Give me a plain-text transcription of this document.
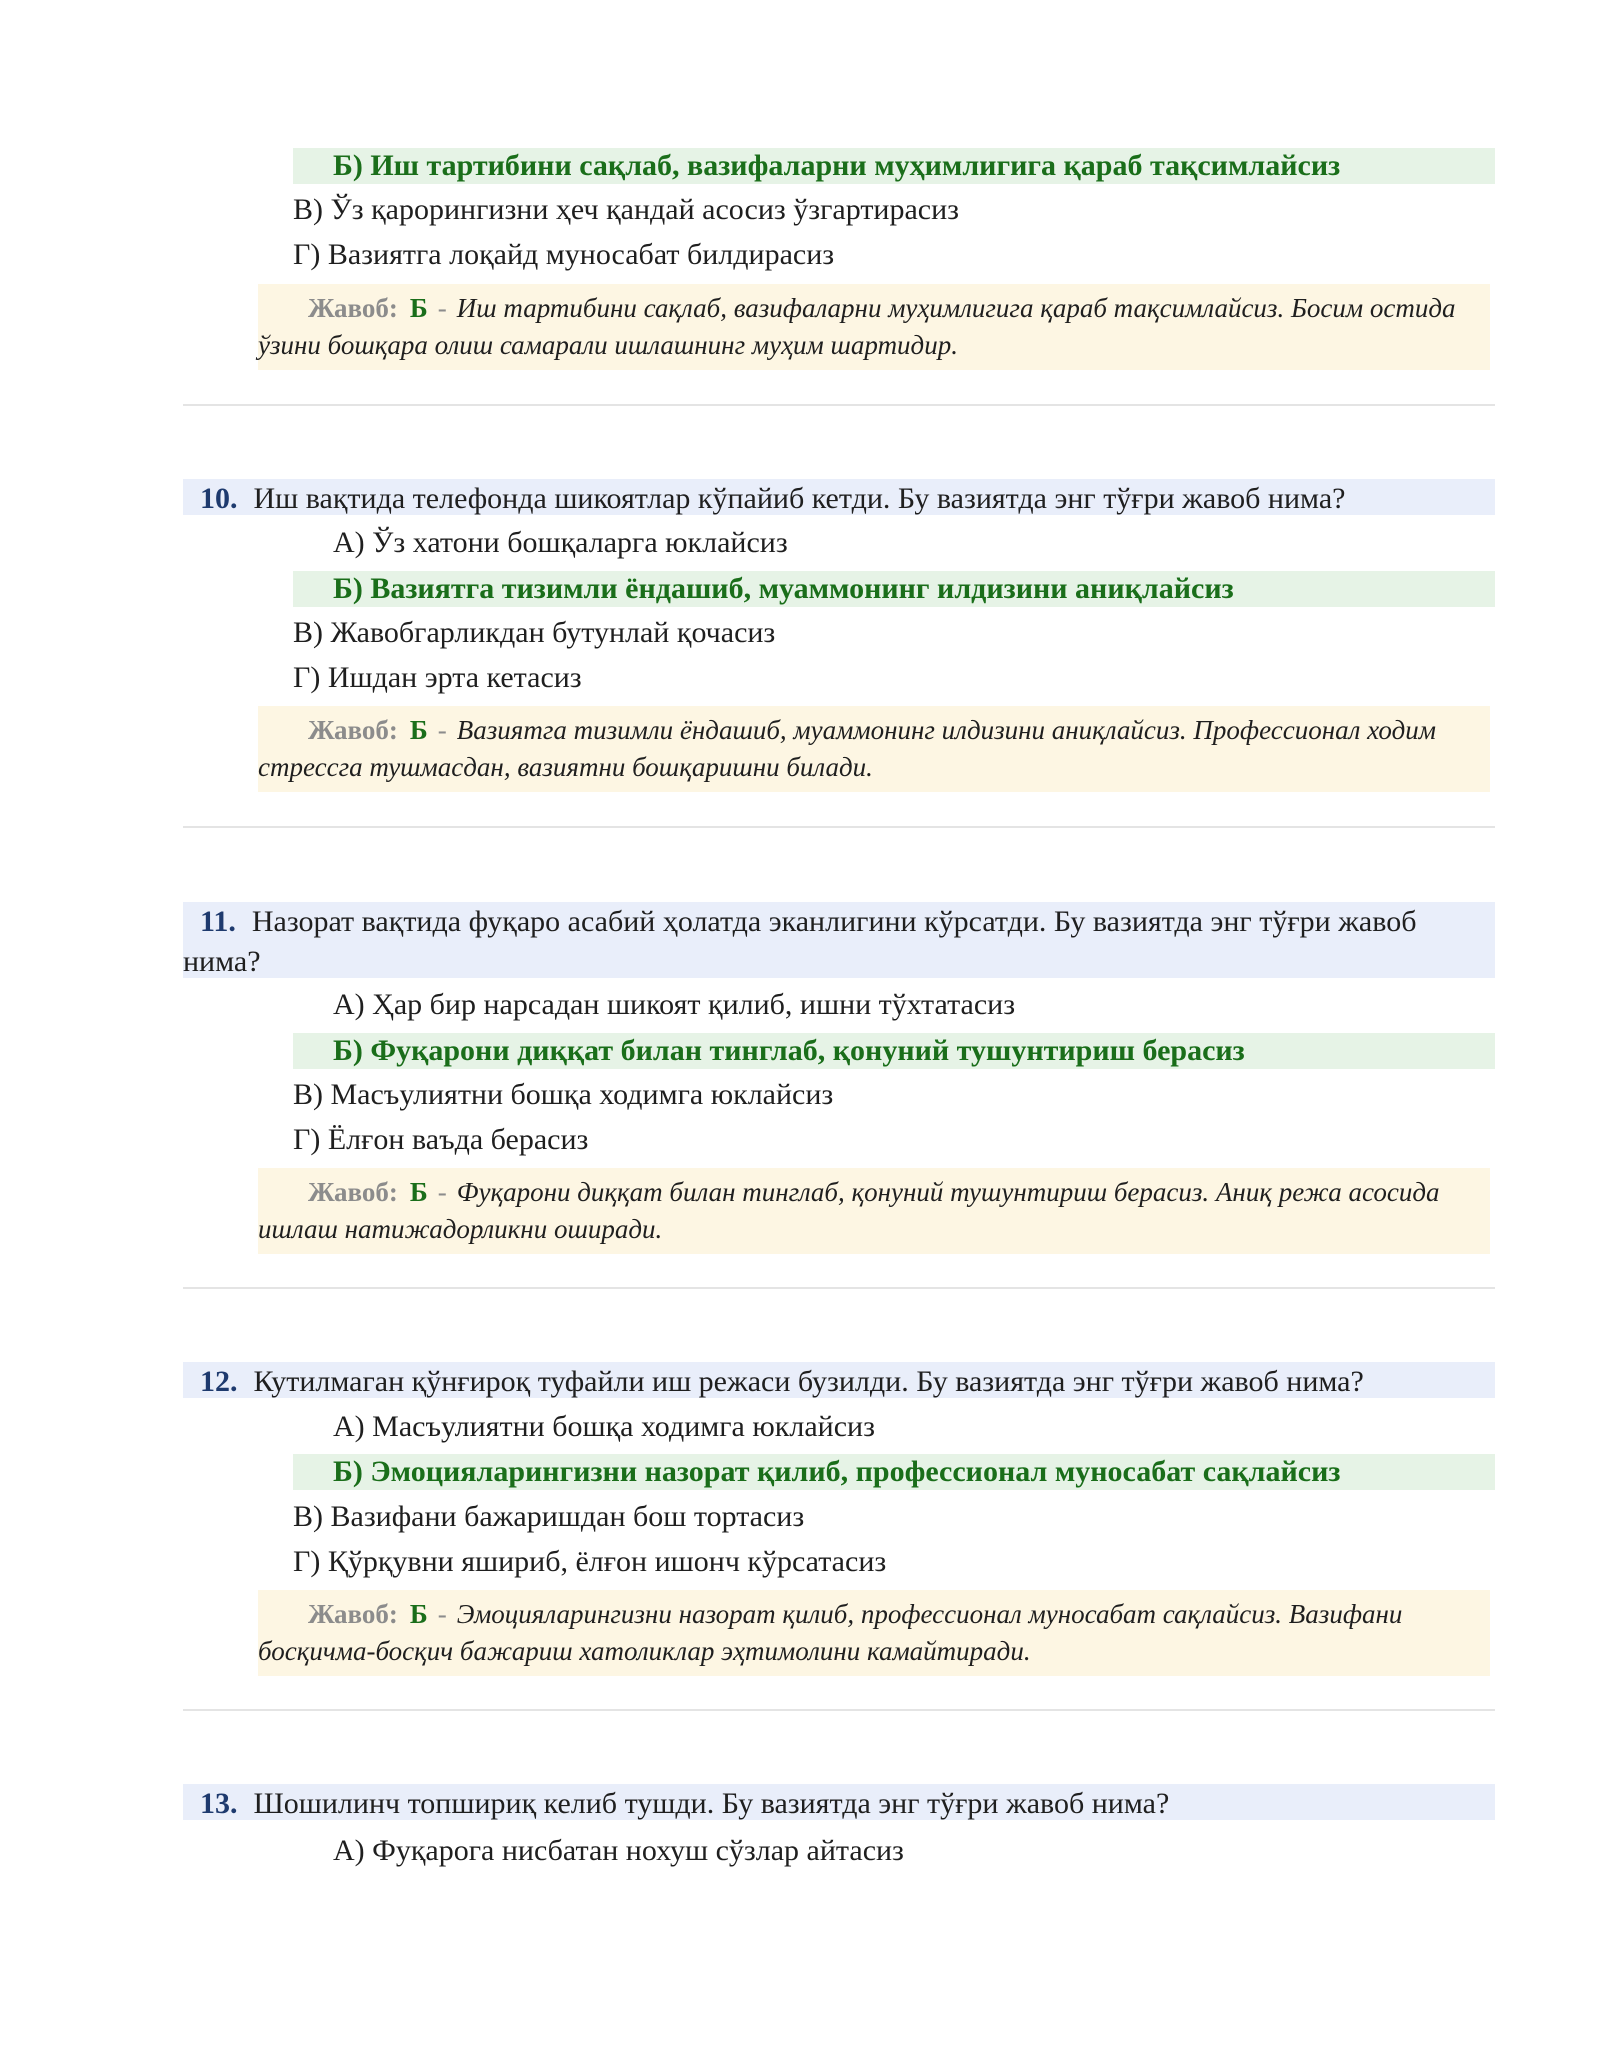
Б) Иш тартибини сақлаб, вазифаларни муҳимлигига қараб тақсимлайсиз
В) Ўз қарорингизни ҳеч қандай асосиз ўзгартирасиз
Г) Вазиятга лоқайд муносабат билдирасиз
Жавоб: Б - Иш тартибини сақлаб, вазифаларни муҳимлигига қараб тақсимлайсиз. Босим остида ўзини бошқара олиш самарали ишлашнинг муҳим шартидир.
10. Иш вақтида телефонда шикоятлар кўпайиб кетди. Бу вазиятда энг тўғри жавоб нима?
А) Ўз хатони бошқаларга юклайсиз
Б) Вазиятга тизимли ёндашиб, муаммонинг илдизини аниқлайсиз
В) Жавобгарликдан бутунлай қочасиз
Г) Ишдан эрта кетасиз
Жавоб: Б - Вазиятга тизимли ёндашиб, муаммонинг илдизини аниқлайсиз. Профессионал ходим стрессга тушмасдан, вазиятни бошқаришни билади.
11. Назорат вақтида фуқаро асабий ҳолатда эканлигини кўрсатди. Бу вазиятда энг тўғри жавоб нима?
А) Ҳар бир нарсадан шикоят қилиб, ишни тўхтатасиз
Б) Фуқарони диққат билан тинглаб, қонуний тушунтириш берасиз
В) Масъулиятни бошқа ходимга юклайсиз
Г) Ёлғон ваъда берасиз
Жавоб: Б - Фуқарони диққат билан тинглаб, қонуний тушунтириш берасиз. Аниқ режа асосида ишлаш натижадорликни оширади.
12. Кутилмаган қўнғироқ туфайли иш режаси бузилди. Бу вазиятда энг тўғри жавоб нима?
А) Масъулиятни бошқа ходимга юклайсиз
Б) Эмоцияларингизни назорат қилиб, профессионал муносабат сақлайсиз
В) Вазифани бажаришдан бош тортасиз
Г) Қўрқувни яшириб, ёлғон ишонч кўрсатасиз
Жавоб: Б - Эмоцияларингизни назорат қилиб, профессионал муносабат сақлайсиз. Вазифани босқичма-босқич бажариш хатоликлар эҳтимолини камайтиради.
13. Шошилинч топшириқ келиб тушди. Бу вазиятда энг тўғри жавоб нима?
А) Фуқарога нисбатан нохуш сўзлар айтасиз
